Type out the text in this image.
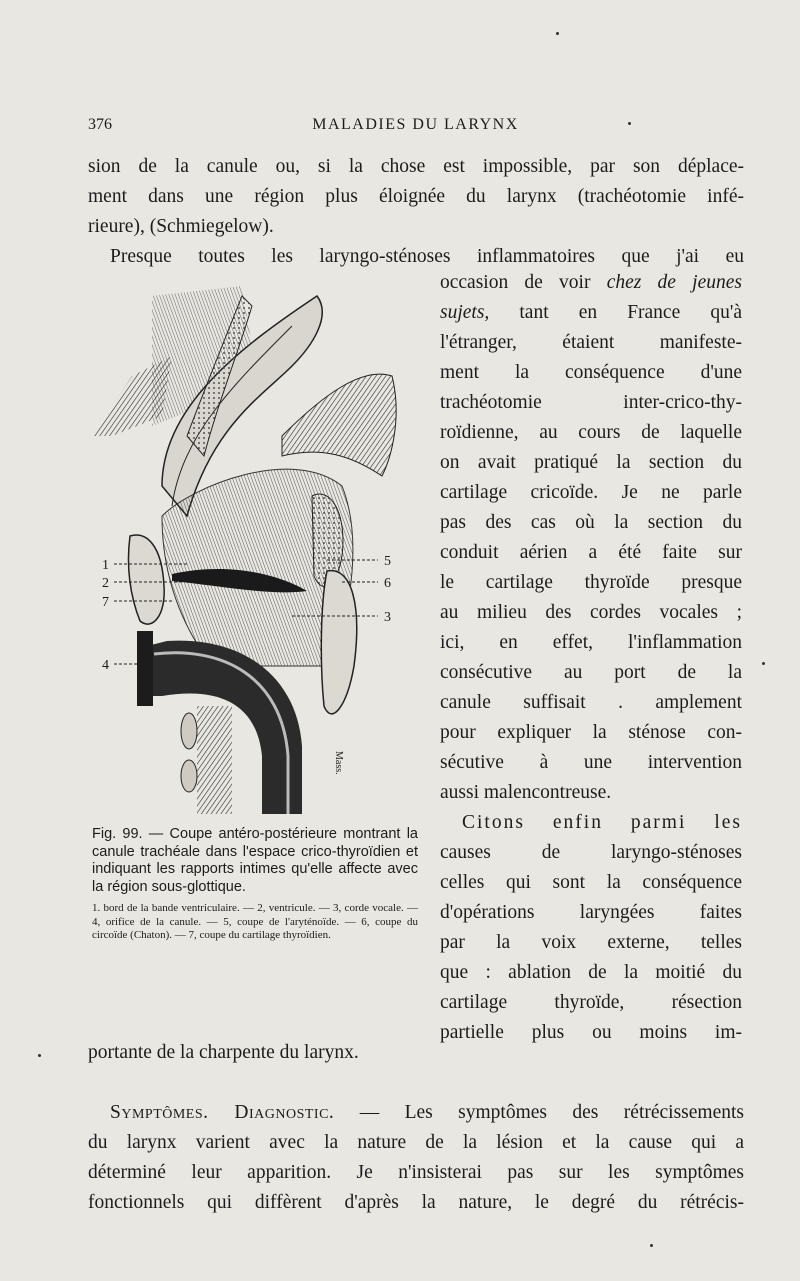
376	MALADIES DU LARYNX
sion de la canule ou, si la chose est impossible, par son déplace-
ment dans une région plus éloignée du larynx (trachéotomie infé-
rieure), (Schmiegelow).
Presque toutes les laryngo-sténoses inflammatoires que j'ai eu
1
2
7
4
5
6
3
Mass.
Fig. 99. — Coupe antéro-postérieure montrant la canule trachéale dans l'espace crico-thyroïdien et indiquant les rapports intimes qu'elle affecte avec la région sous-glottique.
1. bord de la bande ventriculaire. — 2, ventricule. — 3, corde vocale. — 4, orifice de la canule. — 5, coupe de l'aryténoïde. — 6, coupe du circoïde (Chaton). — 7, coupe du cartilage thyroïdien.
occasion de voir chez de jeunes
sujets, tant en France qu'à
l'étranger, étaient manifeste-
ment la conséquence d'une
trachéotomie inter-crico-thy-
roïdienne, au cours de laquelle
on avait pratiqué la section du
cartilage cricoïde. Je ne parle
pas des cas où la section du
conduit aérien a été faite sur
le cartilage thyroïde presque
au milieu des cordes vocales ;
ici, en effet, l'inflammation
consécutive au port de la
canule suffisait . amplement
pour expliquer la sténose con-
sécutive à une intervention
aussi malencontreuse.
Citons enfin parmi les
causes de laryngo-sténoses
celles qui sont la conséquence
d'opérations laryngées faites
par la voix externe, telles
que : ablation de la moitié du
cartilage thyroïde, résection
partielle plus ou moins im-
portante de la charpente du larynx.
Symptômes. Diagnostic. — Les symptômes des rétrécissements
du larynx varient avec la nature de la lésion et la cause qui a
déterminé leur apparition. Je n'insisterai pas sur les symptômes
fonctionnels qui diffèrent d'après la nature, le degré du rétrécis-
